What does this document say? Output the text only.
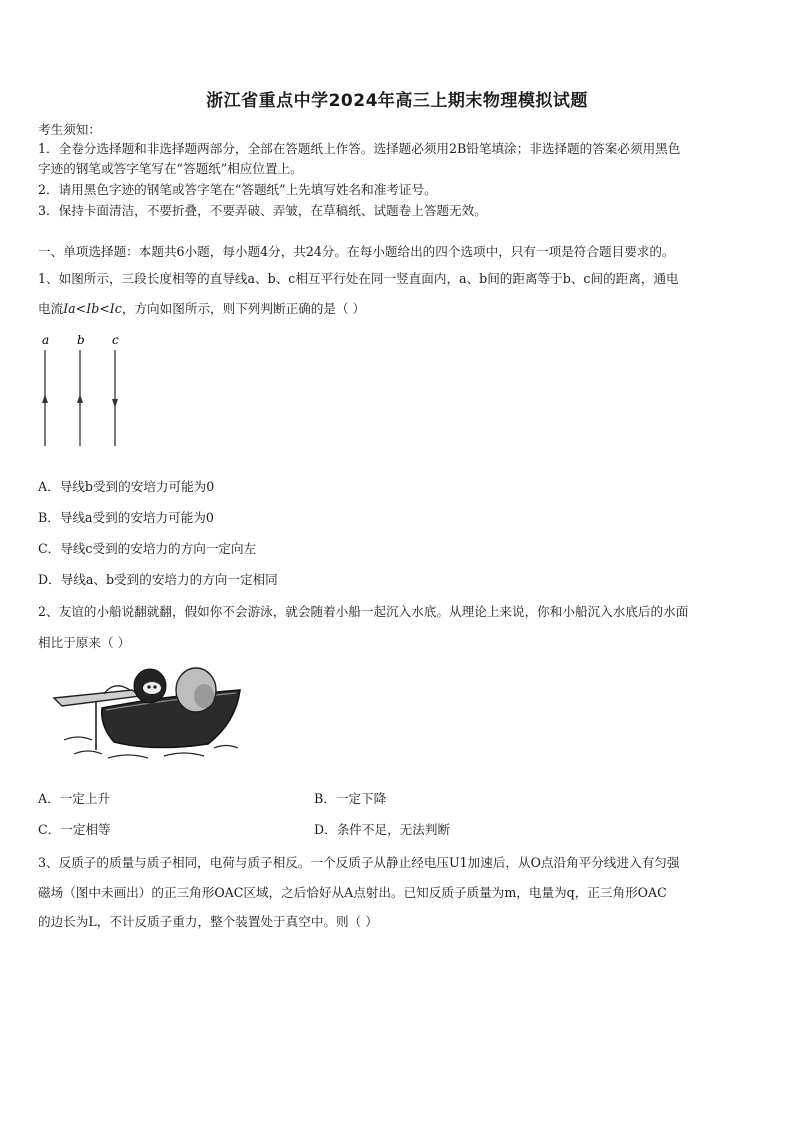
浙江省重点中学2024年高三上期末物理模拟试题
考生须知：
1．全卷分选择题和非选择题两部分，全部在答题纸上作答。选择题必须用2B铅笔填涂；非选择题的答案必须用黑色
字迹的钢笔或答字笔写在“答题纸”相应位置上。
2．请用黑色字迹的钢笔或答字笔在“答题纸”上先填写姓名和准考证号。
3．保持卡面清洁，不要折叠，不要弄破、弄皱，在草稿纸、试题卷上答题无效。
一、单项选择题：本题共6小题，每小题4分，共24分。在每小题给出的四个选项中，只有一项是符合题目要求的。
1、如图所示，三段长度相等的直导线a、b、c相互平行处在同一竖直面内，a、b间的距离等于b、c间的距离，通电
电流Ia<Ib<Ic，方向如图所示，则下列判断正确的是（ ）
a b c
A．导线b受到的安培力可能为0
B．导线a受到的安培力可能为0
C．导线c受到的安培力的方向一定向左
D．导线a、b受到的安培力的方向一定相同
2、友谊的小船说翻就翻，假如你不会游泳，就会随着小船一起沉入水底。从理论上来说，你和小船沉入水底后的水面
相比于原来（ ）
A．一定上升	B．一定下降
C．一定相等	D．条件不足，无法判断
3、反质子的质量与质子相同，电荷与质子相反。一个反质子从静止经电压U1加速后，从O点沿角平分线进入有匀强
磁场（图中未画出）的正三角形OAC区域，之后恰好从A点射出。已知反质子质量为m，电量为q，正三角形OAC
的边长为L，不计反质子重力，整个装置处于真空中。则（ ）
